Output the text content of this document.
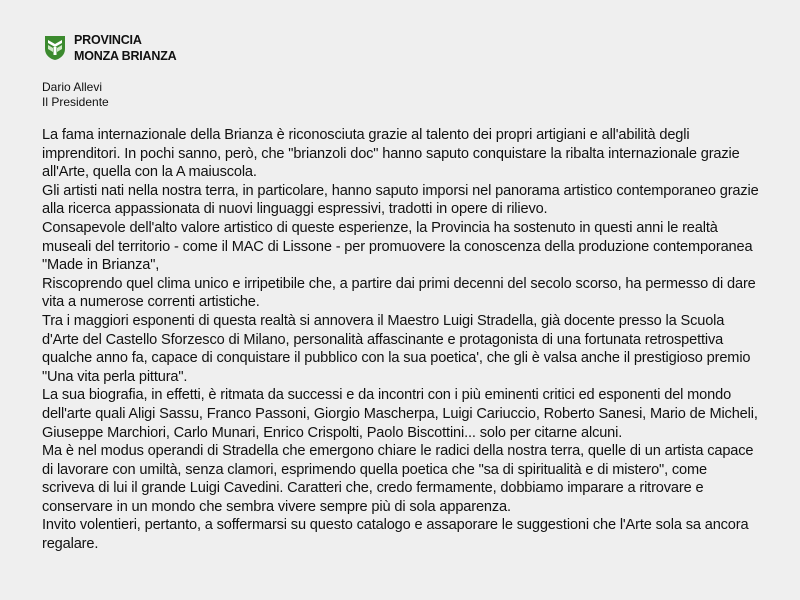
PROVINCIA
MONZA BRIANZA
Dario Allevi
Il Presidente
La fama internazionale della Brianza è riconosciuta grazie al talento dei propri artigiani e all'abilità degli imprenditori. In pochi sanno, però, che "brianzoli doc" hanno saputo conquistare la ribalta internazionale grazie all'Arte, quella con la A maiuscola.
Gli artisti nati nella nostra terra, in particolare, hanno saputo imporsi nel panorama artistico contemporaneo grazie alla ricerca appassionata di nuovi linguaggi espressivi, tradotti in opere di rilievo.
Consapevole dell'alto valore artistico di queste esperienze, la Provincia ha sostenuto in questi anni le realtà museali del territorio - come il MAC di Lissone - per promuovere la conoscenza della produzione contemporanea "Made in Brianza",
Riscoprendo quel clima unico e irripetibile che, a partire dai primi decenni del secolo scorso, ha permesso di dare vita a numerose correnti artistiche.
Tra i maggiori esponenti di questa realtà si annovera il Maestro Luigi Stradella, già docente presso la Scuola d'Arte del Castello Sforzesco di Milano, personalità affascinante e protagonista di una fortunata retrospettiva qualche anno fa, capace di conquistare il pubblico con la sua poetica', che gli è valsa anche il prestigioso premio "Una vita perla pittura".
La sua biografia, in effetti, è ritmata da successi e da incontri con i più eminenti critici ed esponenti del mondo dell'arte quali Aligi Sassu, Franco Passoni, Giorgio Mascherpa, Luigi Cariuccio, Roberto Sanesi, Mario de Micheli, Giuseppe Marchiori, Carlo Munari, Enrico Crispolti, Paolo Biscottini... solo per citarne alcuni.
Ma è nel modus operandi di Stradella che emergono chiare le radici della nostra terra, quelle di un artista capace di lavorare con umiltà, senza clamori, esprimendo quella poetica che "sa di spiritualità e di mistero", come scriveva di lui il grande Luigi Cavedini. Caratteri che, credo fermamente, dobbiamo imparare a ritrovare e conservare in un mondo che sembra vivere sempre più di sola apparenza.
Invito volentieri, pertanto, a soffermarsi su questo catalogo e assaporare le suggestioni che l'Arte sola sa ancora regalare.
